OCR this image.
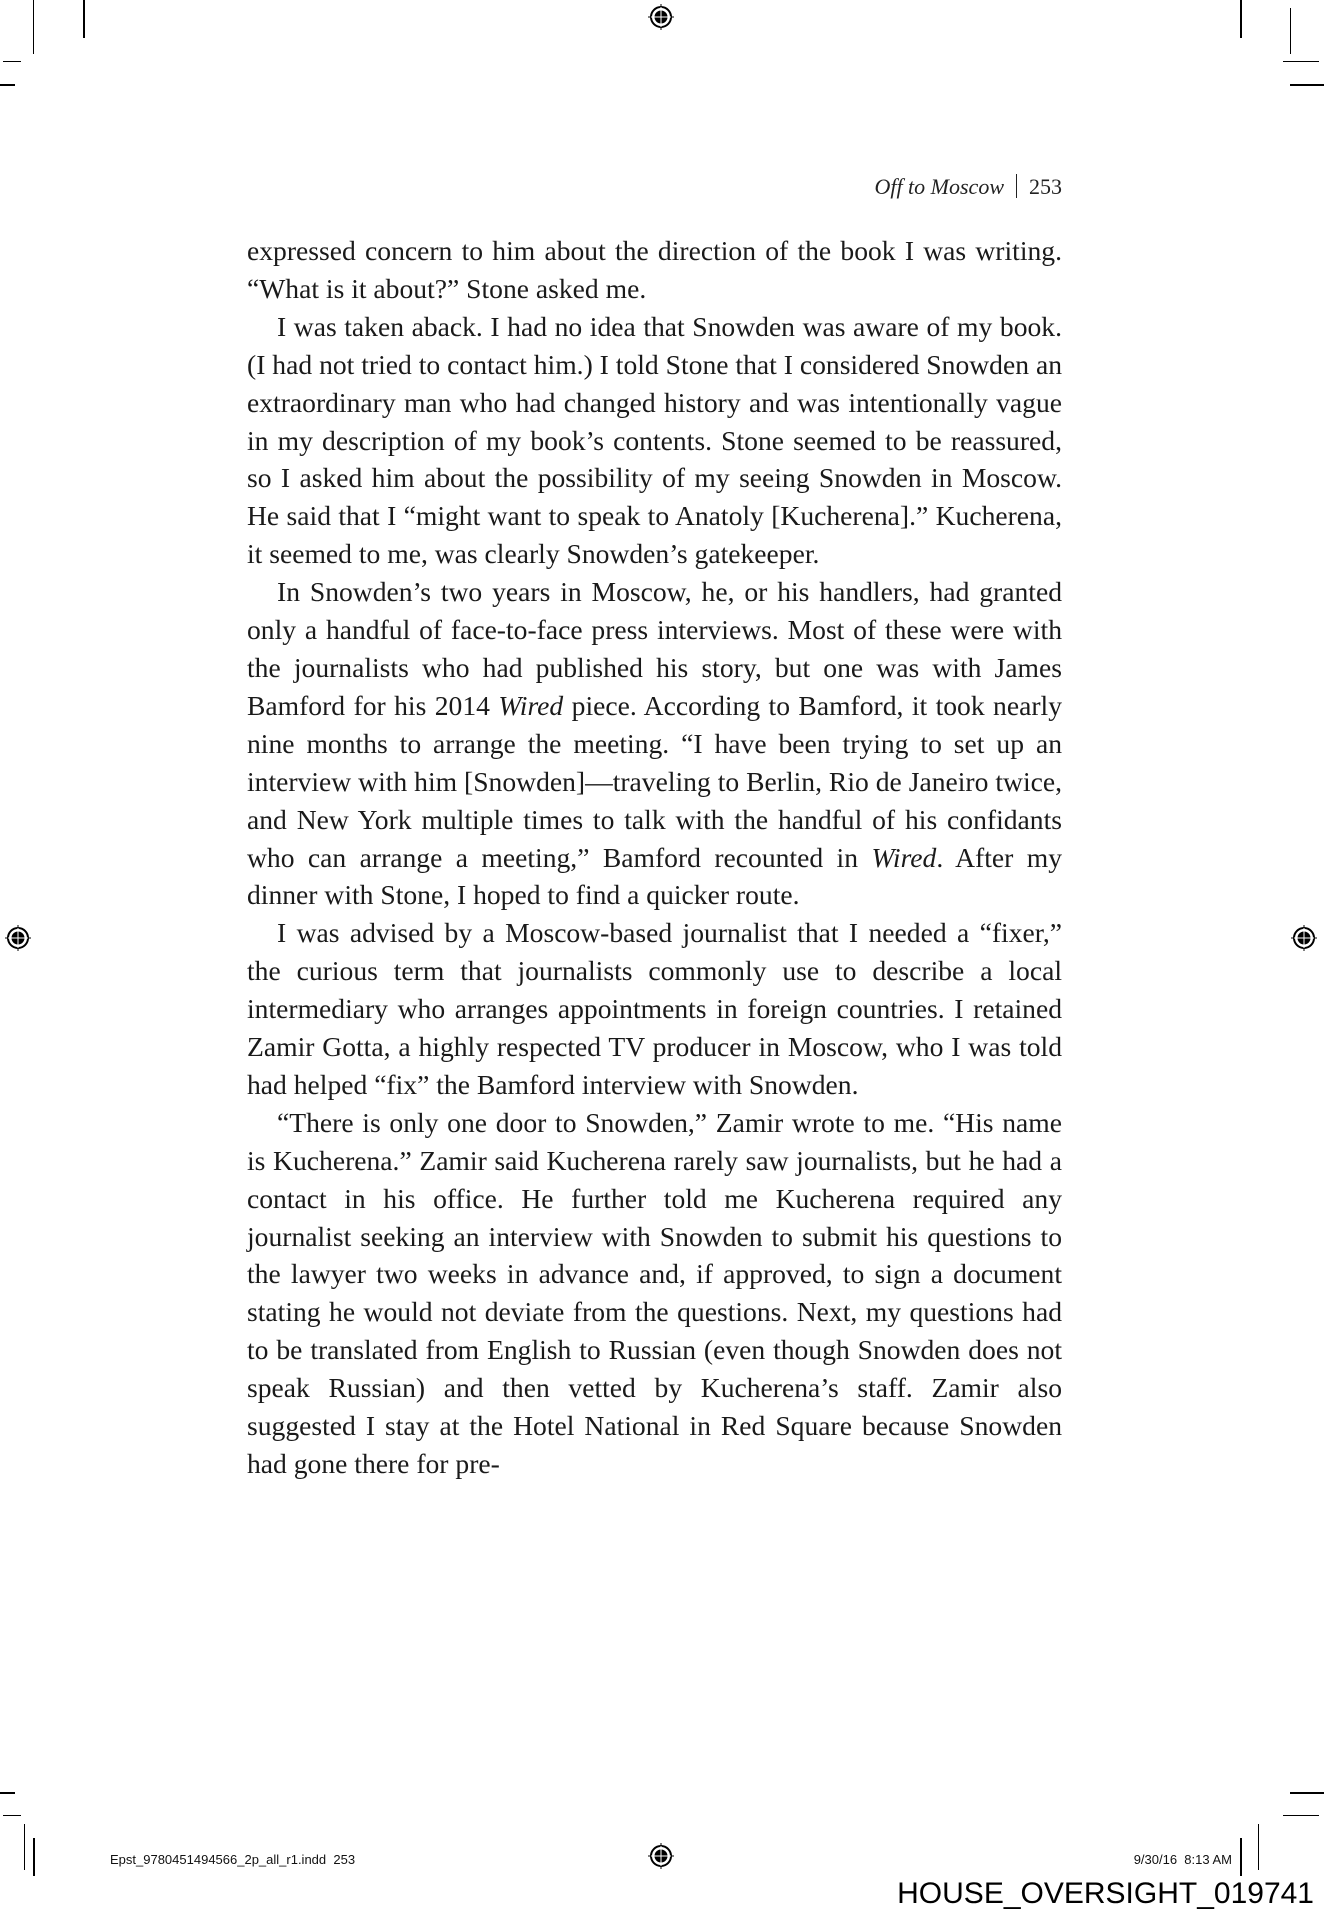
Off to Moscow 253

expressed concern to him about the direction of the book I was writing. “What is it about?” Stone asked me.

I was taken aback. I had no idea that Snowden was aware of my book. (I had not tried to contact him.) I told Stone that I considered Snowden an extraordinary man who had changed history and was intentionally vague in my description of my book’s contents. Stone seemed to be reassured, so I asked him about the possibility of my seeing Snowden in Moscow. He said that I “might want to speak to Anatoly [Kucherena].” Kucherena, it seemed to me, was clearly Snowden’s gatekeeper.

In Snowden’s two years in Moscow, he, or his handlers, had granted only a handful of face-to-face press interviews. Most of these were with the journalists who had published his story, but one was with James Bamford for his 2014 Wired piece. According to Bamford, it took nearly nine months to arrange the meeting. “I have been trying to set up an interview with him [Snowden]—traveling to Berlin, Rio de Janeiro twice, and New York multiple times to talk with the handful of his confidants who can arrange a meeting,” Bamford recounted in Wired. After my dinner with Stone, I hoped to find a quicker route.

I was advised by a Moscow-based journalist that I needed a “fixer,” the curious term that journalists commonly use to describe a local intermediary who arranges appointments in foreign countries. I retained Zamir Gotta, a highly respected TV producer in Moscow, who I was told had helped “fix” the Bamford interview with Snowden.

“There is only one door to Snowden,” Zamir wrote to me. “His name is Kucherena.” Zamir said Kucherena rarely saw journalists, but he had a contact in his office. He further told me Kucherena required any journalist seeking an interview with Snowden to submit his questions to the lawyer two weeks in advance and, if approved, to sign a document stating he would not deviate from the questions. Next, my questions had to be translated from English to Russian (even though Snowden does not speak Russian) and then vetted by Kucherena’s staff. Zamir also suggested I stay at the Hotel National in Red Square because Snowden had gone there for pre-

Epst_9780451494566_2p_all_r1.indd 253	9/30/16 8:13 AM
HOUSE_OVERSIGHT_019741
